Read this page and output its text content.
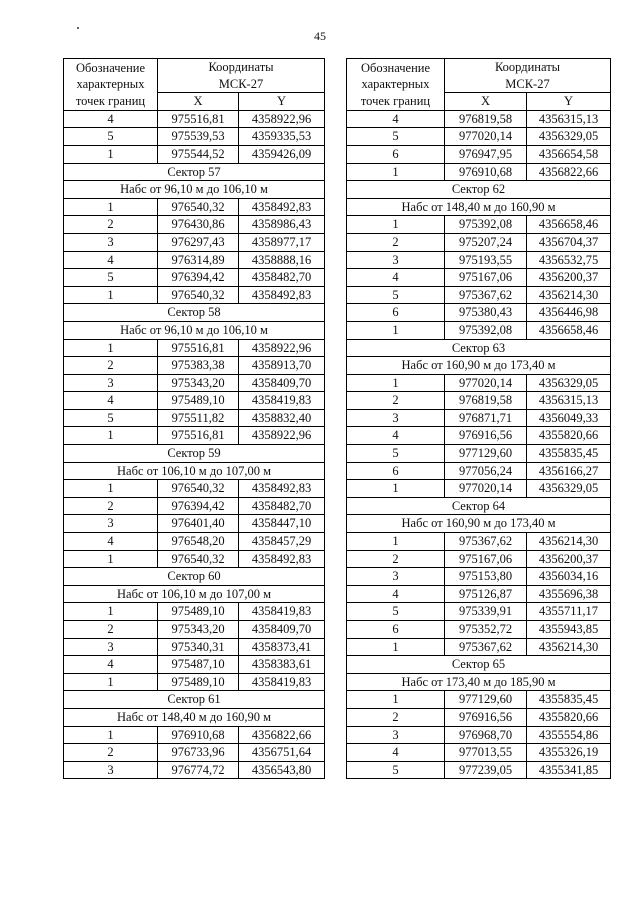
45
Обозначение
характерных
точек границ	Координаты
МСК-27	
	X	Y
4	975516,81	4358922,96
5	975539,53	4359335,53
1	975544,52	4359426,09
Сектор 57		
Набс от 96,10 м до 106,10 м		
1	976540,32	4358492,83
2	976430,86	4358986,43
3	976297,43	4358977,17
4	976314,89	4358888,16
5	976394,42	4358482,70
1	976540,32	4358492,83
Сектор 58		
Набс от 96,10 м до 106,10 м		
1	975516,81	4358922,96
2	975383,38	4358913,70
3	975343,20	4358409,70
4	975489,10	4358419,83
5	975511,82	4358832,40
1	975516,81	4358922,96
Сектор 59		
Набс от 106,10 м до 107,00 м		
1	976540,32	4358492,83
2	976394,42	4358482,70
3	976401,40	4358447,10
4	976548,20	4358457,29
1	976540,32	4358492,83
Сектор 60		
Набс от 106,10 м до 107,00 м		
1	975489,10	4358419,83
2	975343,20	4358409,70
3	975340,31	4358373,41
4	975487,10	4358383,61
1	975489,10	4358419,83
Сектор 61		
Набс от 148,40 м до 160,90 м		
1	976910,68	4356822,66
2	976733,96	4356751,64
3	976774,72	4356543,80
Обозначение
характерных
точек границ	Координаты
МСК-27	
	X	Y
4	976819,58	4356315,13
5	977020,14	4356329,05
6	976947,95	4356654,58
1	976910,68	4356822,66
Сектор 62		
Набс от 148,40 м до 160,90 м		
1	975392,08	4356658,46
2	975207,24	4356704,37
3	975193,55	4356532,75
4	975167,06	4356200,37
5	975367,62	4356214,30
6	975380,43	4356446,98
1	975392,08	4356658,46
Сектор 63		
Набс от 160,90 м до 173,40 м		
1	977020,14	4356329,05
2	976819,58	4356315,13
3	976871,71	4356049,33
4	976916,56	4355820,66
5	977129,60	4355835,45
6	977056,24	4356166,27
1	977020,14	4356329,05
Сектор 64		
Набс от 160,90 м до 173,40 м		
1	975367,62	4356214,30
2	975167,06	4356200,37
3	975153,80	4356034,16
4	975126,87	4355696,38
5	975339,91	4355711,17
6	975352,72	4355943,85
1	975367,62	4356214,30
Сектор 65		
Набс от 173,40 м до 185,90 м		
1	977129,60	4355835,45
2	976916,56	4355820,66
3	976968,70	4355554,86
4	977013,55	4355326,19
5	977239,05	4355341,85
